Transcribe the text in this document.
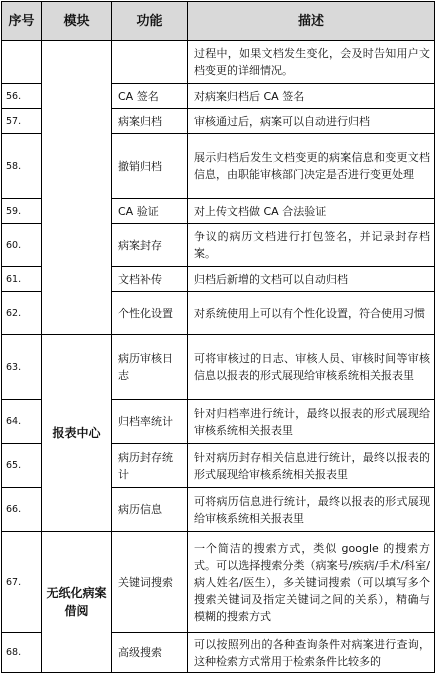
序号	模块	功能	描述
			过程中，如果文档发生变化，会及时告知用户文档变更的详细情况。
56.		CA 签名	对病案归档后 CA 签名
57.		病案归档	审核通过后，病案可以自动进行归档
58.		撤销归档	展示归档后发生文档变更的病案信息和变更文档信息，由职能审核部门决定是否进行变更处理
59.		CA 验证	对上传文档做 CA 合法验证
60.		病案封存	争议的病历文档进行打包签名，并记录封存档案。
61.		文档补传	归档后新增的文档可以自动归档
62.		个性化设置	对系统使用上可以有个性化设置，符合使用习惯
63.	报表中心	病历审核日志	可将审核过的日志、审核人员、审核时间等审核信息以报表的形式展现给审核系统相关报表里
64.		归档率统计	针对归档率进行统计，最终以报表的形式展现给审核系统相关报表里
65.		病历封存统计	针对病历封存相关信息进行统计，最终以报表的形式展现给审核系统相关报表里
66.		病历信息	可将病历信息进行统计，最终以报表的形式展现给审核系统相关报表里
67.	无纸化病案借阅	关键词搜索	一个简洁的搜索方式，类似 google 的搜索方式。可以选择搜索分类（病案号/疾病/手术/科室/病人姓名/医生），多关键词搜索（可以填写多个搜索关键词及指定关键词之间的关系），精确与模糊的搜索方式
68.		高级搜索	可以按照列出的各种查询条件对病案进行查询，这种检索方式常用于检索条件比较多的
